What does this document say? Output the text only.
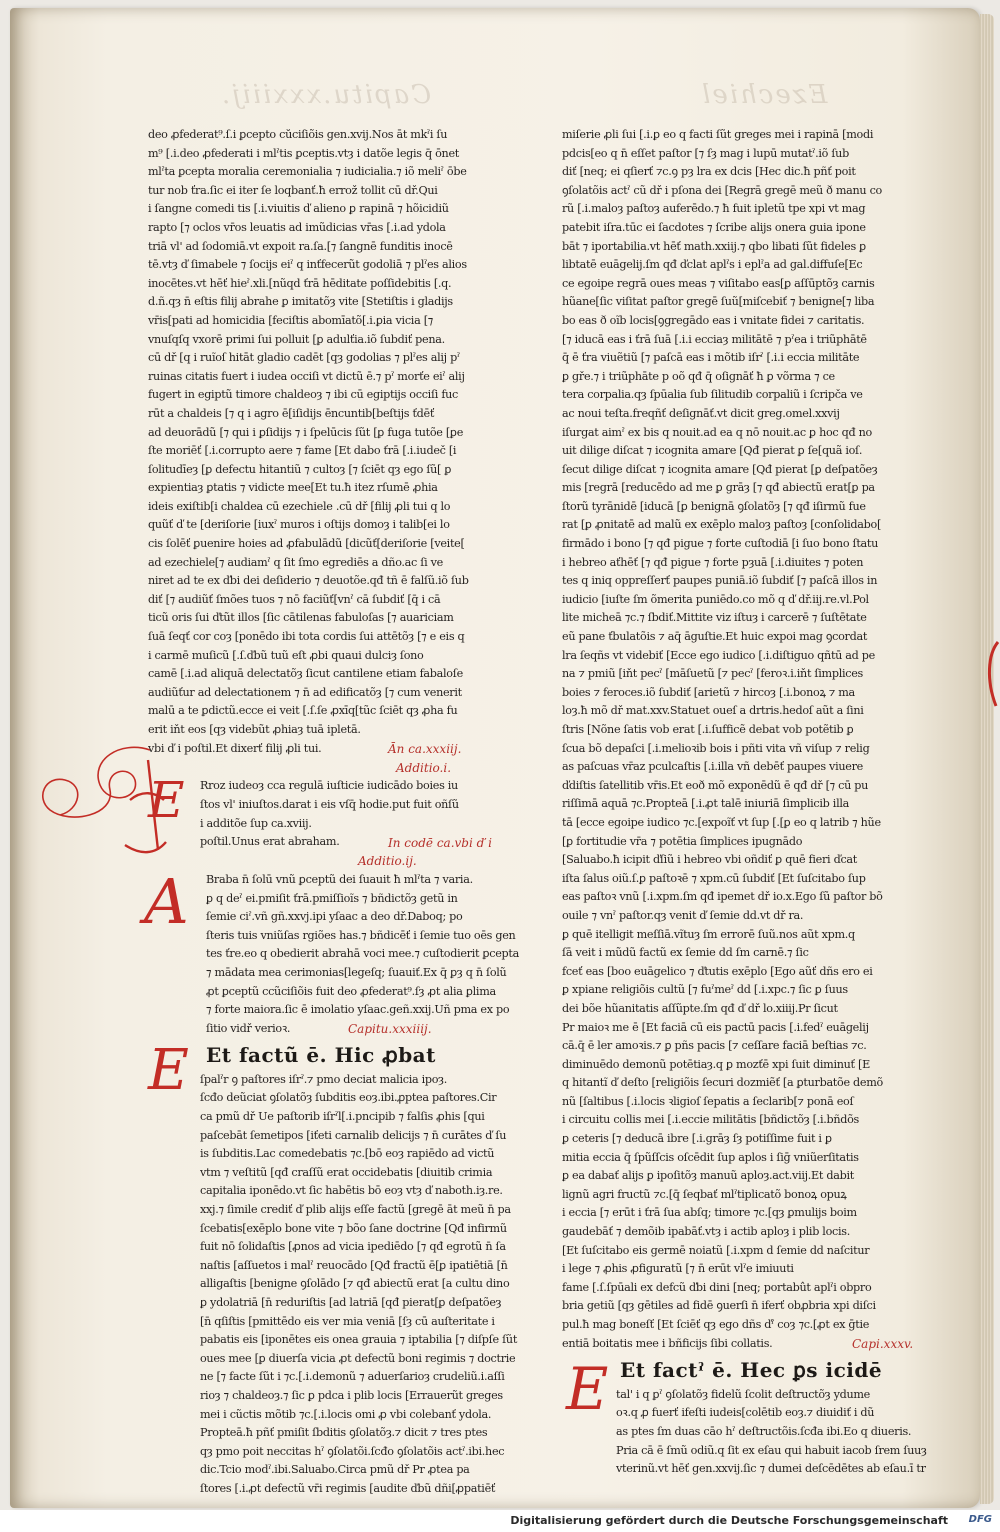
Capitu.xxxiiij.	Ezechiel
deo ꝓfederat⁹.ſ.i ꝑcepto cŭciſiõis gen.xvij.Nos āt mkˀi ſu
m⁹ [.i.deo ꝓfederati i mlˀtis ꝑceptis.vtȝ i datõe legis q̄ ōnet
mlˀta ꝑcepta moralia ceremonialia ⁊ iudicialia.⁊ iõ meliˀ ōbe
tur nob ťra.ſic ei iter ſe loqbanť.ħ errož tollit cū dř.Qui
i ſangne comedi tis [.i.viuitis ď alieno ꝑ rapinā ⁊ hõicidiũ
rapto [⁊ oclos vr̄os leuatis ad imũdicias vr̄as [.i.ad ydola
triā vl' ad ſodomiā.vt expoit ra.ſa.[⁊ ſangnē funditis inocē
tē.vtȝ ď ſimabele ⁊ ſocijs eiˀ q inťfecerũt godoliā ⁊ plˀes alios
inocētes.vt hēť hieˀ.xli.[nũqd ťrā hēditate poſſidebitis [.q.
d.ñ.qȝ n̄ eſtis filij abrahe ꝑ imitatõȝ vite [Stetiſtis i gladijs
vr̄is[pati ad homicidia [feciſtis abomīatõ[.i.ꝑia vicia [⁊
vnuſqſq vxorē primi ſui polluit [ꝑ adulťia.iõ ſubdiť pena.
cū dř [q i ruĩoſ hitāt gladio cadēt [qȝ godolias ⁊ plˀes alij pˀ
ruinas citatis fuert i iudea occiſi vt dictũ ē.⁊ pˀ morťe eiˀ alij
fugert in egiptũ timore chaldeoȝ ⁊ ibi cū egiptijs occiſi fuc
rūt a chaldeis [⁊ q i agro ē[iſidijs ēncuntib[beſtijs ťdēť
ad deuorādũ [⁊ qui i ꝑſidijs ⁊ i ſpelūcis ſũt [ꝑ fuga tutõe [ꝑe
ſte moriēť [.i.corrupto aere ⁊ fame [Et dabo ťrā [.i.iudeč [i
ſolitudīeȝ [ꝑ defectu hitantiũ ⁊ cultoȝ [⁊ ſciēt qȝ ego ſũ[ ꝑ
expientiaȝ ꝑtatis ⁊ vidicte mee[Et tu.ħ itez rſumē ꝓhia
ideis exiſtib[i chaldea cū ezechiele .cū dř [filij ꝓli tui q lo
quũť ď te [deriſorie [iuxˀ muros i oſtijs domoȝ i talib[ei lo
cis ſolēť ꝑuenire hoies ad ꝓfabulādũ [dicũť[deriſorie [veite[
ad ezechiele[⁊ audiamˀ q ſit ſmo egrediēs a dño.ac ſi ve
niret ad te ex ďbi dei deſiderio ⁊ deuotõe.qđ tñ ē falſũ.iõ ſub
diť [⁊ audiũť ſmões tuos ⁊ nō faciũť[vnˀ cā ſubdiť [q̄ i cā
ticũ oris ſui ďtũt illos [ſic cātilenas fabuloſas [⁊ auariciam
ſuā ſeqť cor coȝ [ponēdo ibi tota cordis ſui attētõȝ [⁊ e eis q
i carmē muſicũ [.ſ.ďbũ tuũ eſt ꝓbi quaui dulciȝ ſono
camē [.i.ad aliquā delectatõȝ ſicut cantilene etiam fabaloſe
audiũťur ad delectationem ⁊ n̄ ad edificatõȝ [⁊ cum venerit
malū a te ꝑdictũ.ecce ei veit [.ſ.ſe ꝓxīq[tũc ſciēt qȝ ꝓha fu
erit iňt eos [qȝ videbũt ꝓhiaȝ tuā ipletā.
vbi ď i poſtil.Et dixerť filij ꝓli tui.	Ān ca.xxxiij.
Additio.i.
E Rroz iudeoȝ cca regulā iuſticie iudicādo boies iu
ſtos vl' iniuſtos.darat i eis vſq̄ hodie.put fuit oñſũ
i additõe ſup ca.xviij.
poſtil.Unus erat abraham.	In codē ca.vbi ď i
Additio.ij.
A Braba n̄ ſolū vnũ ꝑceptũ dei ſuauit ħ mlˀta ⁊ varia.
ꝑ q deˀ ei.pmiſit ťrā.pmiſſioĩs ⁊ bñdictõȝ getũ in
ſemie ciˀ.vñ gñ.xxvj.ipi yſaac a deo dř.Daboq; po
ſteris tuis vniũſas rgiões has.⁊ bñdicēť i ſemie tuo oēs gen
tes ťre.eo q obedierit abrahā voci mee.⁊ cuſtodierit ꝑcepta
⁊ mādata mea cerimonias[legeſq; ſuauiť.Ex q̄ ꝑȝ q n̄ ſolũ
ꝓt ꝑceptũ ccũciſiõis fuit deo ꝓfederat⁹.ſȝ ꝓt alia ꝑlima
⁊ forte maiora.ſic ē imolatio yſaac.geñ.xxij.Uñ pma ex po
ſitio vidř verioꝛ.	Capitu.xxxiiij.
E Et factũ ē. Hic ꝓbat
ſpalˀr ꝯ paſtores iſrˀ.⁊ pmo deciat malicia ipoȝ.
ſcđo deũciat ꝯſolatõȝ ſubditis eoȝ.ibi.ꝓptea paſtores.Cir
ca pmũ dř Ue paſtorib iſrˀl[.i.pncipib ⁊ falſis ꝓhis [qui
paſcebāt ſemetipos [iťeti carnalib delicijs ⁊ n̄ curātes ď ſu
is ſubditis.Lac comedebatis ⁊c.[bō eoȝ rapiēdo ad victũ
vtm ⁊ veſtitũ [qđ craſſũ erat occidebatis [diuitib crimia
capitalia iponēdo.vt ſic habētis bō eoȝ vtȝ ď naboth.iȝ.re.
xxj.⁊ ſimile crediť ď plib alijs eſſe factũ [gregē āt meũ n̄ pa
ſcebatis[exēplo bone vite ⁊ bõo ſane doctrine [Qđ infirmũ
fuit nō ſolidaſtis [ꝓnos ad vicia ipediēdo [⁊ qđ egrotũ n̄ ſa
naſtis [aſſuetos i malˀ reuocādo [Qđ fractũ ē[ꝑ ipatiētiā [n̄
alligaſtis [benigne ꝯſolādo [⁊ qđ abiectũ erat [a cultu dino
ꝑ ydolatriā [n̄ reduriſtis [ad latriā [qđ pierat[ꝑ deſpatõeȝ
[n̄ qſiſtis [pmittēdo eis ver mia veniā [ſȝ cū auſteritate i
pabatis eis [iponētes eis onea grauia ⁊ iptabilia [⁊ diſpſe ſũt
oues mee [ꝑ diuerſa vicia ꝓt defectũ boni regimis ⁊ doctrie
ne [⁊ facte ſũt i ⁊c.[.i.demonũ ⁊ aduerſarioȝ crudeliũ.i.aſſi
rioȝ ⁊ chaldeoȝ.⁊ ſic ꝑ pdca i plib locis [Errauerũt greges
mei i cũctis mõtib ⁊c.[.i.locis omi ꝓ vbi colebanť ydola.
Propteā.ħ pñť pmiſit ſbditis ꝯſolatõȝ.⁊ dicit ⁊ tres ptes
qȝ pmo poit neccitas hˀ ꝯſolatõi.ſcđo ꝯſolatõis actˀ.ibi.hec
dic.Tcio modˀ.ibi.Saluabo.Circa pmũ dř Pr ꝓtea pa
ſtores [.i.ꝓt defectũ vr̄i regimis [audite ďbũ dñi[ꝓpatiēť
miſerie ꝓli ſui [.i.ꝑ eo q facti ſũt greges mei i rapinā [modi
pdcis[eo q n̄ eſſet paſtor [⁊ ſȝ mag i lupū mutatˀ.iõ ſub
diť [neq; ei qſierť ⁊c.ꝯ pȝ lra ex dcis [Hec dic.ħ pñť poit
ꝯſolatõis actˀ cũ dř i pſona dei [Regrā gregē meũ ð manu co
rũ [.i.maloȝ paſtoȝ auferēdo.⁊ ħ fuit ipletũ tpe xpi vt mag
patebit iſra.tūc ei ſacdotes ⁊ ſcribe alijs onera guia ipone
bāt ⁊ iportabilia.vt hēť math.xxiij.⁊ qbo libati ſũt fideles ꝑ
libtatē euāgelij.ſm qđ ďclat aplˀs i eplˀa ad gal.diffuſe[Ec
ce egoipe regrā oues meas ⁊ viſitabo eas[ꝑ aſſūptõȝ carnis
hũane[ſic viſitat paſtor gregē ſuũ[miſcebiť ⁊ benigne[⁊ liba
bo eas ð oĩb locis[ꝯgregādo eas i vnitate fidei ⁊ caritatis.
[⁊ iducā eas i ťrā ſuā [.i.i ecciaȝ militātē ⁊ pˀea i triũphātē
q̄ ē ťra viuẽtiũ [⁊ paſcā eas i mõtib iſrˀ [.i.i eccia militāte
ꝑ gře.⁊ i triũphāte p oõ qđ q̄ oſignāť ħ ꝑ võrma ⁊ ce
tera corpalia.qȝ ſpūalia ſub ſilitudib corpaliũ i ſcripča ve
ac noui teſta.freqñť deſignāť.vt dicit greg.omel.xxvij
iſurgat aimˀ ex bis q nouit.ad ea q nō nouit.ac ꝑ hoc qđ no
uit dilige diſcat ⁊ icognita amare [Qđ pierat ꝑ ſe[quã ioſ.
ſecut dilige diſcat ⁊ icognita amare [Qđ pierat [ꝑ deſpatõeȝ
mis [regrā [reducēdo ad me ꝑ grāȝ [⁊ qđ abiectũ erat[ꝑ pa
ſtorũ tyrānidē [iducā [ꝑ benignā ꝯſolatõȝ [⁊ qđ iſirmũ fue
rat [ꝑ ꝓnitatē ad malũ ex exēplo maloȝ paſtoȝ [conſolidabo[
firmādo i bono [⁊ qđ pigue ⁊ forte cuſtodiā [i ſuo bono ſtatu
i hebreo aťhēť [⁊ qđ pigue ⁊ forte pȝuā [.i.diuites ⁊ poten
tes q iniq oppreſſerť paupes puniā.iõ ſubdiť [⁊ paſcā illos in
iudicio [iuſte ſm õmerita puniēdo.co mõ q ď dř.iij.re.vl.Pol
lite micheā ⁊c.⁊ ſbdiť.Mittite viz iſtuȝ i carcerē ⁊ ſuſtētate
eũ pane ťbulatõis ⁊ aq̄ āguſtie.Et huic expoi mag ꝯcordat
lra ſeqñs vt videbiť [Ecce ego iudico [.i.diſtiguo qñtū ad pe
na ⁊ pmiũ [iňt pecˀ [māſuetũ [⁊ pecˀ [feroꝛ.i.iňt ſimplices
boies ⁊ feroces.iõ ſubdiť [arietũ ⁊ hircoȝ [.i.bonoꝝ ⁊ ma
loȝ.ħ mõ dř mat.xxv.Statuet oueſ a drtris.hedoſ aũt a ſini
ſtris [Nõne ſatis vob erat [.i.ſufficẽ debat vob potẽtib ꝑ
ſcua bõ depaſci [.i.melioꝛib bois i pñti vita vñ viſup ⁊ relig
as paſcuas vr̄az pculcaſtis [.i.illa vñ debēť paupes viuere
ďdiſtis ſatellitib vr̄is.Et eoð mõ exponēdũ ē qđ dř [⁊ cū pu
riſſimā aquā ⁊c.Propteā [.i.ꝓt talē iniuriā ſimplicib illa
tā [ecce egoipe iudico ⁊c.[expoĩť vt ſup [.[ꝑ eo q latrib ⁊ hũe
[ꝑ fortitudie vr̄a ⁊ potētia ſimplices ipugnādo
[Saluabo.ħ icipit ďſiũ i hebreo vbi oñdiť ꝑ quē fieri ďcat
iſta ſalus oiũ.ſ.ꝑ paſtoꝛē ⁊ xpm.cū ſubdiť [Et ſuſcitabo ſup
eas paſtoꝛ vnũ [.i.xpm.ſm qđ ipemet dř io.x.Ego ſũ paſtor bõ
ouile ⁊ vnˀ paſtor.qȝ venit ď ſemie dd.vt dř ra.
ꝑ quē itelligit meſſiā.vĩtuȝ ſm errorē ſuũ.nos aũt xpm.q
ſā veit i mũdũ factũ ex ſemie dd ſm carnē.⁊ ſic
fceť eas [boo euāgelico ⁊ ďtutis exēplo [Ego aũť dñs ero ei
ꝑ xpiane religiõis cultũ [⁊ fuˀmeˀ dd [.i.xpc.⁊ ſic ꝑ ſuus
dei bõe hũanitatis aſſũpte.ſm qđ ď dř lo.xiiij.Pr ſicut
Pr maioꝛ me ē [Et faciā cū eis pactū pacis [.i.fedˀ euāgelij
cā.q̄ ē ler amoꝛis.⁊ ꝑ pñs pacis [⁊ ceſſare faciā beſtias ⁊c.
diminuēdo demonũ potētiaȝ.q ꝑ mozťē xpi ſuit diminuť [E
q hitantĩ ď deſto [religiõis ſecuri dozmiẽť [a ꝑturbatõe demõ
nũ [ſaltibus [.i.locis ꝛligioſ ſepatis a ſeclarib[⁊ ponā eoſ
i circuitu collis mei [.i.eccie militātis [bñdictõȝ [.i.bñdõs
ꝑ ceteris [⁊ deducā ibre [.i.grāȝ ſȝ potiſſime fuit i ꝑ
mitia eccia q̄ ſpũſſcis oſcēdit ſup aplos i ſiḡ vniũerſitatis
ꝑ ea dabať alijs ꝑ ipoſitõȝ manuũ aploȝ.act.viij.Et dabit
lignũ agri fructũ ⁊c.[q̄ ſeqbať mlˀtiplicatõ bonoꝝ opuꝝ
i eccia [⁊ erūt i ťrā ſua abſq; timore ⁊c.[qȝ ꝑmulijs boim
gaudebāť ⁊ demõib ipabāť.vtȝ i actib aploȝ i plib locis.
[Et ſuſcitabo eis germē noiatũ [.i.xpm d ſemie dd naſcitur
i lege ⁊ ꝓhis ꝓfiguratũ [⁊ n̄ erūt vlˀe imiuuti
fame [.ſ.ſpūali ex defcũ ďbi dini [neq; portabût aplˀi obpro
bria getiũ [qȝ gētiles ad fidē ꝯuerſi n̄ iferť obꝓbria xpi diſci
pul.ħ mag boneſť [Et ſciēť qȝ ego dñs ďˀ coȝ ⁊c.[ꝓt ex ḡtie
entiā boitatis mee i bñficijs ſibi collatis.	Capi.xxxv.
E Et factˀ ē. Hec ꝑs icidē
tal' i q ꝑˀ ꝯſolatõȝ fidelũ ſcolit deſtructõȝ ydume
oꝛ.q ꝓ fuerť ifeſti iudeis[colētib eoȝ.⁊ diuidiť i dũ
as ptes ſm duas cāo hˀ deſtructõis.ſcđa ibi.Eo q diueris.
Pria cā ē ſmũ odiũ.q ſit ex eſau qui habuit iacob ſrem ſuuȝ
vterinũ.vt hēť gen.xxvij.ſic ⁊ dumei deſcēdētes ab eſau.ī tr
Digitalisierung gefördert durch die Deutsche Forschungsgemeinschaft DFG
